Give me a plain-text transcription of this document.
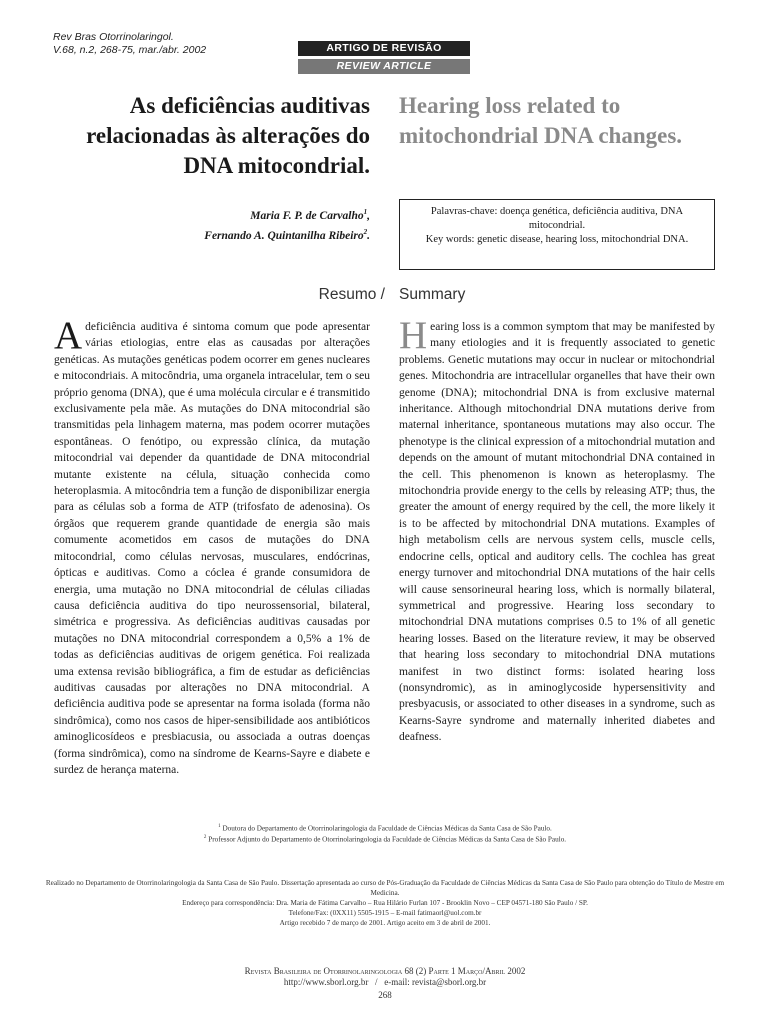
Rev Bras Otorrinolaringol.
V.68, n.2, 268-75, mar./abr. 2002	ARTIGO DE REVISÃO
REVIEW ARTICLE
As deficiências auditivas relacionadas às alterações do DNA mitocondrial.
Hearing loss related to mitochondrial DNA changes.
Maria F. P. de Carvalho$^1$,
Fernando A. Quintanilha Ribeiro$^2$.
Palavras-chave: doença genética, deficiência auditiva, DNA mitocondrial.
Key words: genetic disease, hearing loss, mitochondrial DNA.
Resumo / Summary
A deficiência auditiva é sintoma comum que pode apresentar várias etiologias, entre elas as causadas por alterações genéticas. As mutações genéticas podem ocorrer em genes nucleares e mitocondriais. A mitocôndria, uma organela intracelular, tem o seu próprio genoma (DNA), que é uma molécula circular e é transmitido exclusivamente pela mãe. As mutações do DNA mitocondrial são transmitidas pela linhagem materna, mas podem ocorrer mutações espontâneas. O fenótipo, ou expressão clínica, da mutação mitocondrial vai depender da quantidade de DNA mitocondrial mutante existente na célula, situação conhecida como heteroplasmia. A mitocôndria tem a função de disponibilizar energia para as células sob a forma de ATP (trifosfato de adenosina). Os órgãos que requerem grande quantidade de energia são mais comumente acometidos em casos de mutações do DNA mitocondrial, como células nervosas, musculares, endócrinas, ópticas e auditivas. Como a cóclea é grande consumidora de energia, uma mutação no DNA mitocondrial de células ciliadas causa deficiência auditiva do tipo neurossensorial, bilateral, simétrica e progressiva. As deficiências auditivas causadas por mutações no DNA mitocondrial correspondem a 0,5% a 1% de todas as deficiências auditivas de origem genética. Foi realizada uma extensa revisão bibliográfica, a fim de estudar as deficiências auditivas causadas por alterações no DNA mitocondrial. A deficiência auditiva pode se apresentar na forma isolada (forma não sindrômica), como nos casos de hiper-sensibilidade aos antibióticos aminoglicosídeos e presbiacusia, ou associada a outras doenças (forma sindrômica), como na síndrome de Kearns-Sayre e diabete e surdez de herança materna.
Hearing loss is a common symptom that may be manifested by many etiologies and it is frequently associated to genetic problems. Genetic mutations may occur in nuclear or mitochondrial genes. Mitochondria are intracellular organelles that have their own genome (DNA); mitochondrial DNA is from exclusive maternal inheritance. Although mitochondrial DNA mutations derive from maternal inheritance, spontaneous mutations may also occur. The phenotype is the clinical expression of a mitochondrial mutation and depends on the amount of mutant mitochondrial DNA contained in the cell. This phenomenon is known as heteroplasmy. The mitochondria provide energy to the cells by releasing ATP; thus, the greater the amount of energy required by the cell, the more likely it is to be affected by mitochondrial DNA mutations. Examples of high metabolism cells are nervous system cells, muscle cells, endocrine cells, optical and auditory cells. The cochlea has great energy turnover and mitochondrial DNA mutations of the hair cells will cause sensorineural hearing loss, which is normally bilateral, symmetrical and progressive. Hearing loss secondary to mitochondrial DNA mutations comprises 0.5 to 1% of all genetic hearing losses. Based on the literature review, it may be observed that hearing loss secondary to mitochondrial DNA mutations manifest in two distinct forms: isolated hearing loss (nonsyndromic), as in aminoglycoside hypersensitivity and presbyacusis, or associated to other diseases in a syndrome, such as Kearns-Sayre syndrome and maternally inherited diabetes and deafness.
$^1$ Doutora do Departamento de Otorrinolaringologia da Faculdade de Ciências Médicas da Santa Casa de São Paulo.
$^2$ Professor Adjunto do Departamento de Otorrinolaringologia da Faculdade de Ciências Médicas da Santa Casa de São Paulo.
Realizado no Departamento de Otorrinolaringologia da Santa Casa de São Paulo. Dissertação apresentada ao curso de Pós-Graduação da Faculdade de Ciências Médicas da Santa Casa de São Paulo para obtenção do Título de Mestre em Medicina.
Endereço para correspondência: Dra. Maria de Fátima Carvalho – Rua Hilário Furlan 107 - Brooklin Novo – CEP 04571-180 São Paulo / SP.
Telefone/Fax: (0XX11) 5505-1915 – E-mail fatimaorl@uol.com.br
Artigo recebido 7 de março de 2001. Artigo aceito em 3 de abril de 2001.
Revista Brasileira de Otorrinolaringologia 68 (2) Parte 1 Março/Abril 2002
http://www.sborl.org.br   /   e-mail: revista@sborl.org.br
268
